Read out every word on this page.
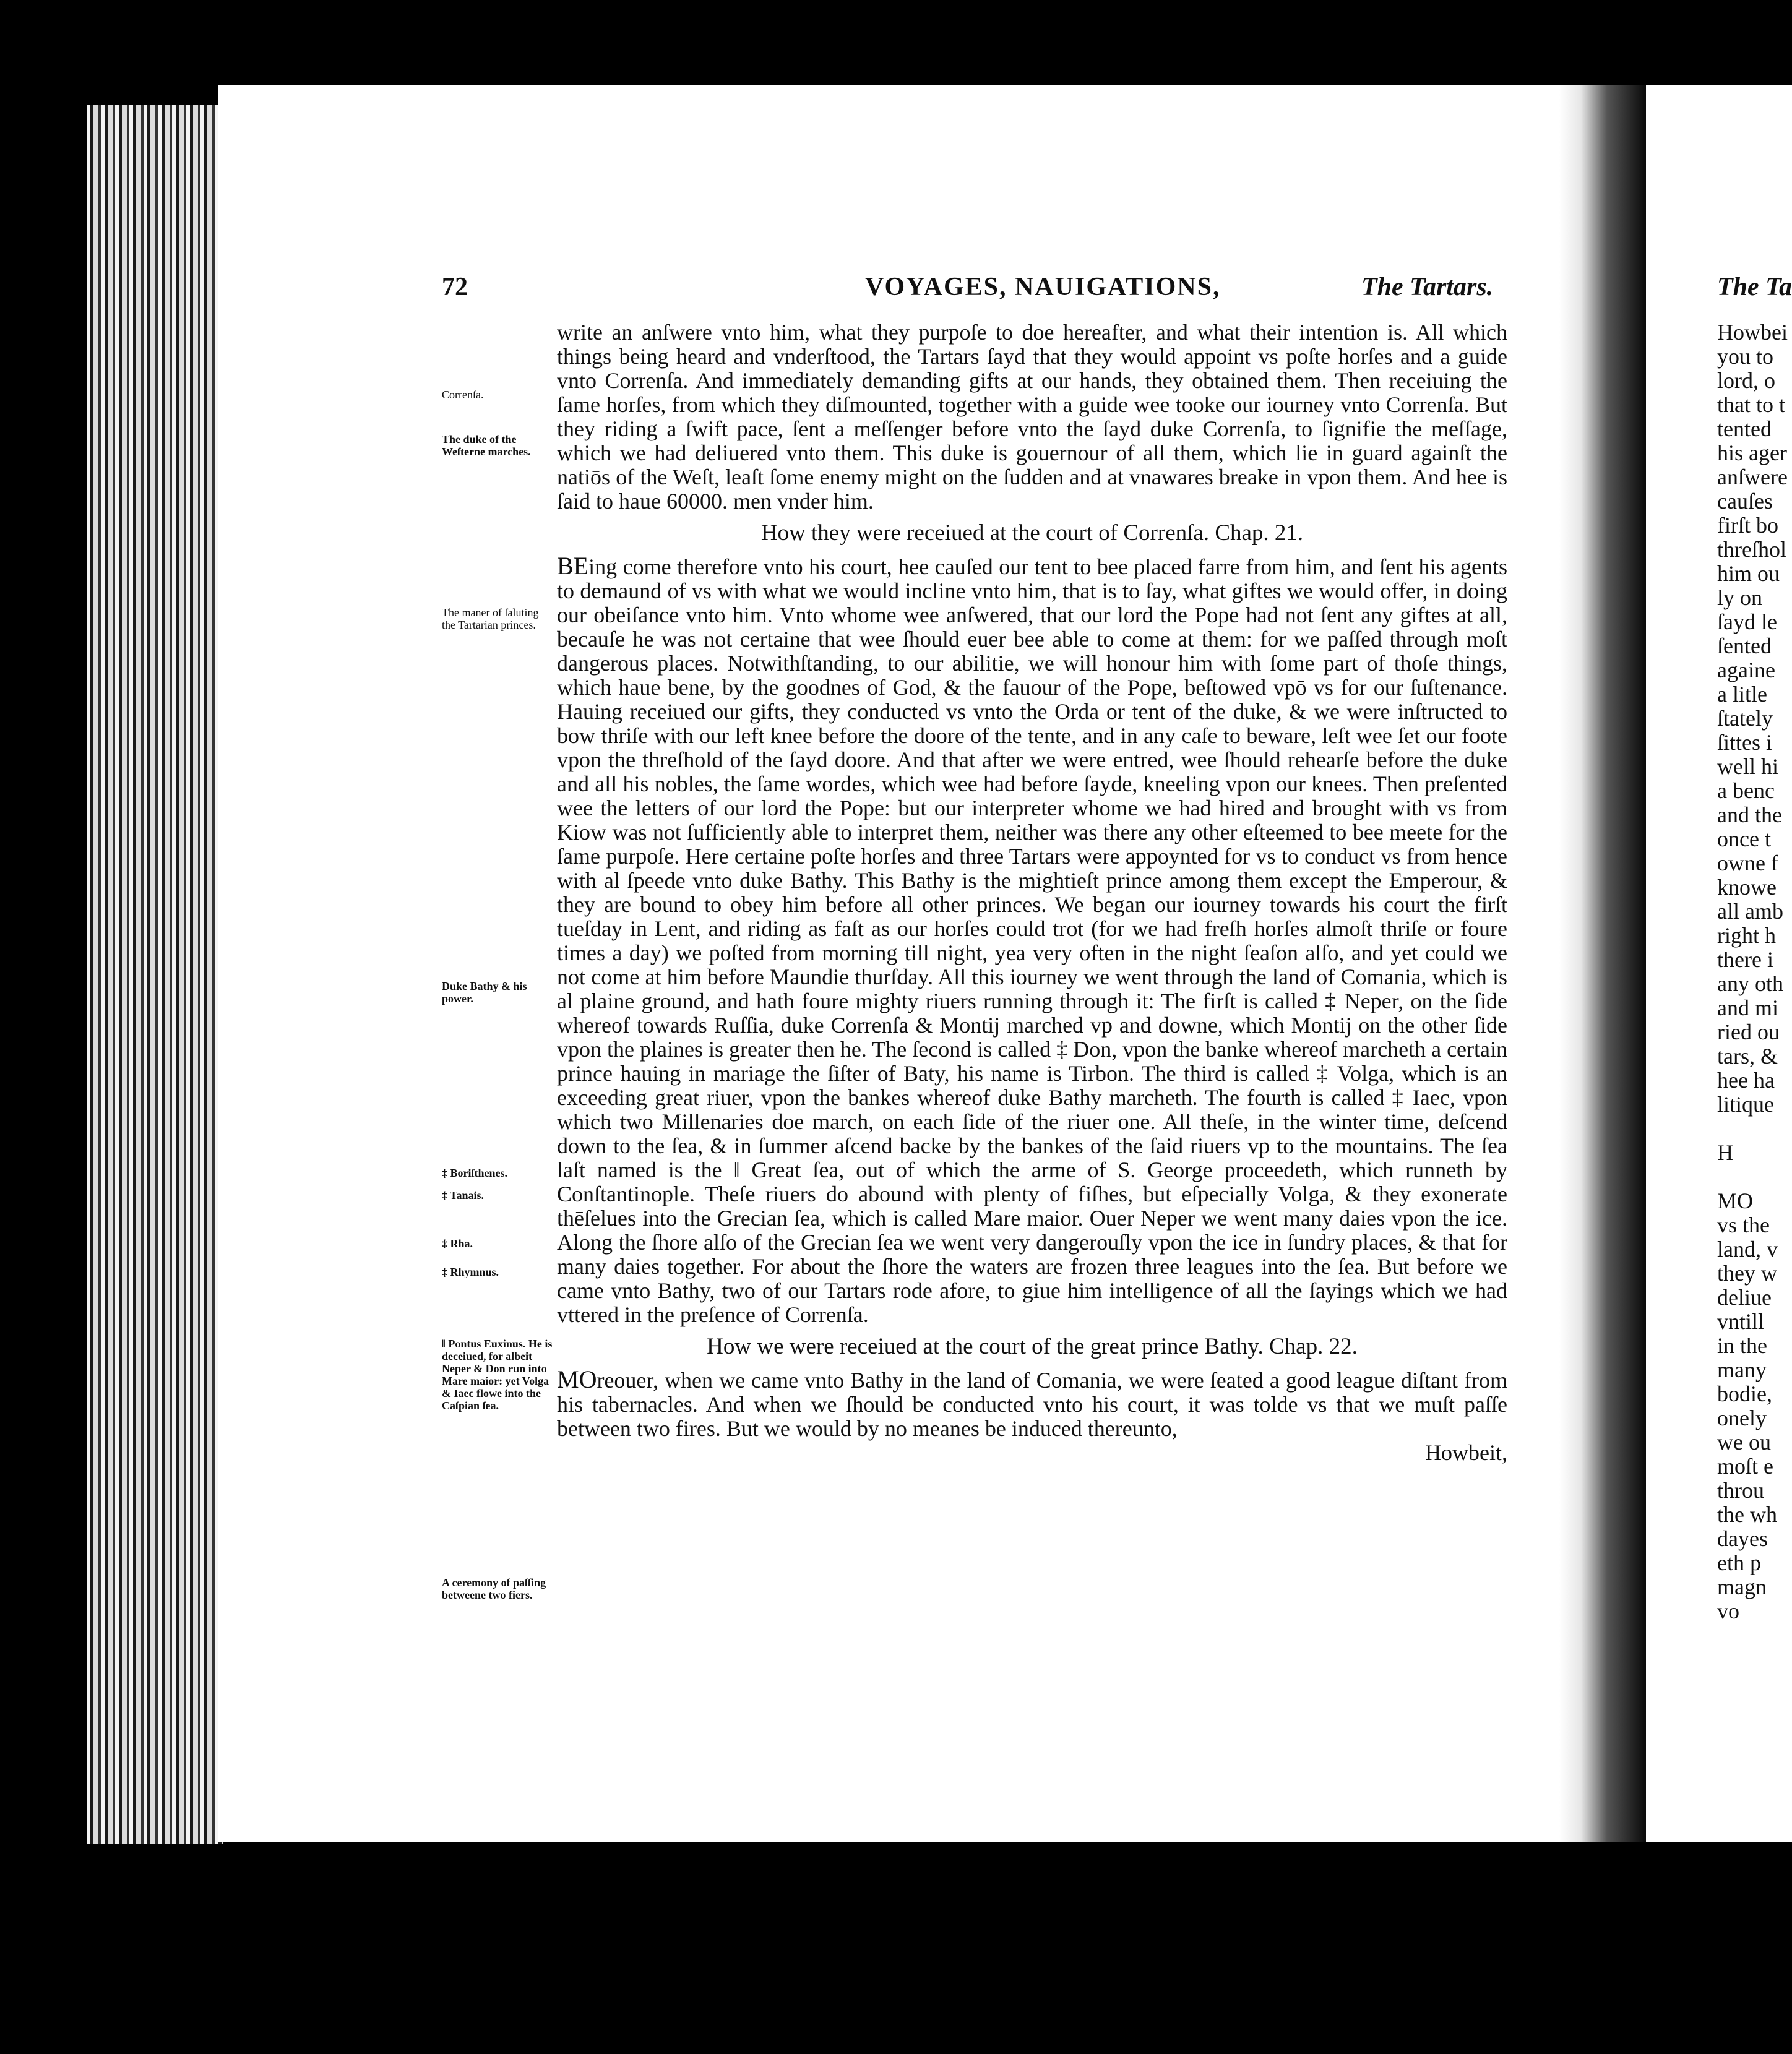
72	VOYAGES, NAUIGATIONS,	The Tartars.
Correnſa.
The duke of the Weſterne marches.
The maner of ſaluting the Tartarian princes.
Duke Bathy & his power.
‡ Boriſthenes.
‡ Tanais.
‡ Rha.
‡ Rhymnus.
‖ Pontus Euxinus. He is deceiued, for albeit Neper & Don run into Mare maior: yet Volga & Iaec flowe into the Caſpian ſea.
A ceremony of paſſing betweene two fiers.

write an anſwere vnto him, what they purpoſe to doe hereafter, and what their intention is. All which things being heard and vnderſtood, the Tartars ſayd that they would appoint vs poſte horſes and a guide vnto Correnſa. And immediately demanding gifts at our hands, they obtained them. Then receiuing the ſame horſes, from which they diſmounted, together with a guide wee tooke our iourney vnto Correnſa. But they riding a ſwift pace, ſent a meſſenger before vnto the ſayd duke Correnſa, to ſignifie the meſſage, which we had deliuered vnto them. This duke is gouernour of all them, which lie in guard againſt the natiōs of the Weſt, leaſt ſome enemy might on the ſudden and at vnawares breake in vpon them. And hee is ſaid to haue 60000. men vnder him.

How they were receiued at the court of Correnſa. Chap. 21.

BEing come therefore vnto his court, hee cauſed our tent to bee placed farre from him, and ſent his agents to demaund of vs with what we would incline vnto him, that is to ſay, what giftes we would offer, in doing our obeiſance vnto him. Vnto whome wee anſwered, that our lord the Pope had not ſent any giftes at all, becauſe he was not certaine that wee ſhould euer bee able to come at them: for we paſſed through moſt dangerous places. Notwithſtanding, to our abilitie, we will honour him with ſome part of thoſe things, which haue bene, by the goodnes of God, & the fauour of the Pope, beſtowed vpō vs for our ſuſtenance. Hauing receiued our gifts, they conducted vs vnto the Orda or tent of the duke, & we were inſtructed to bow thriſe with our left knee before the doore of the tente, and in any caſe to beware, leſt wee ſet our foote vpon the threſhold of the ſayd doore. And that after we were entred, wee ſhould rehearſe before the duke and all his nobles, the ſame wordes, which wee had before ſayde, kneeling vpon our knees. Then preſented wee the letters of our lord the Pope: but our interpreter whome we had hired and brought with vs from Kiow was not ſufficiently able to interpret them, neither was there any other eſteemed to bee meete for the ſame purpoſe. Here certaine poſte horſes and three Tartars were appoynted for vs to conduct vs from hence with al ſpeede vnto duke Bathy. This Bathy is the mightieſt prince among them except the Emperour, & they are bound to obey him before all other princes. We began our iourney towards his court the firſt tueſday in Lent, and riding as faſt as our horſes could trot (for we had freſh horſes almoſt thriſe or foure times a day) we poſted from morning till night, yea very often in the night ſeaſon alſo, and yet could we not come at him before Maundie thurſday. All this iourney we went through the land of Comania, which is al plaine ground, and hath foure mighty riuers running through it: The firſt is called ‡ Neper, on the ſide whereof towards Ruſſia, duke Correnſa & Montij marched vp and downe, which Montij on the other ſide vpon the plaines is greater then he. The ſecond is called ‡ Don, vpon the banke whereof marcheth a certain prince hauing in mariage the ſiſter of Baty, his name is Tirbon. The third is called ‡ Volga, which is an exceeding great riuer, vpon the bankes whereof duke Bathy marcheth. The fourth is called ‡ Iaec, vpon which two Millenaries doe march, on each ſide of the riuer one. All theſe, in the winter time, deſcend down to the ſea, & in ſummer aſcend backe by the bankes of the ſaid riuers vp to the mountains. The ſea laſt named is the ‖ Great ſea, out of which the arme of S. George proceedeth, which runneth by Conſtantinople. Theſe riuers do abound with plenty of fiſhes, but eſpecially Volga, & they exonerate thēſelues into the Grecian ſea, which is called Mare maior. Ouer Neper we went many daies vpon the ice. Along the ſhore alſo of the Grecian ſea we went very dangerouſly vpon the ice in ſundry places, & that for many daies together. For about the ſhore the waters are frozen three leagues into the ſea. But before we came vnto Bathy, two of our Tartars rode afore, to giue him intelligence of all the ſayings which we had vttered in the preſence of Correnſa.

How we were receiued at the court of the great prince Bathy. Chap. 22.

MOreouer, when we came vnto Bathy in the land of Comania, we were ſeated a good league diſtant from his tabernacles. And when we ſhould be conducted vnto his court, it was tolde vs that we muſt paſſe between two fires. But we would by no meanes be induced thereunto,

Howbeit,

The Ta
Howbei
you to
lord, o
that to t
tented
his ager
anſwere
cauſes
firſt bo
threſhol
him ou
ly on
ſayd le
ſented
againe
a litle
ſtately
ſittes i
well hi
a benc
and the
once t
owne f
knowe
all amb
right h
there i
any oth
and mi
ried ou
tars, &
hee ha
litique
H
MO
vs the
land, v
they w
deliue
vntill
in the
many
bodie,
onely
we ou
moſt e
throu
the wh
dayes
eth p
magn
vo
